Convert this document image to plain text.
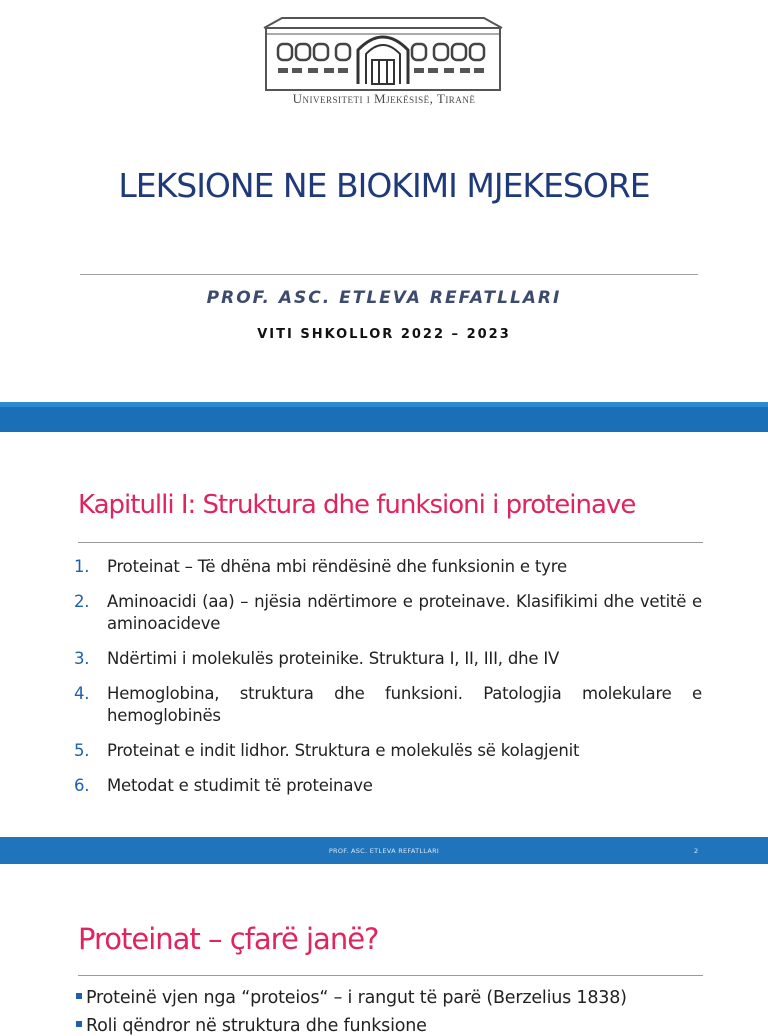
Universiteti i Mjekësisë, Tiranë
LEKSIONE NE BIOKIMI MJEKESORE
PROF. ASC. ETLEVA REFATLLARI
VITI SHKOLLOR 2022 – 2023
Kapitulli I: Struktura dhe funksioni i proteinave
1. Proteinat – Të dhëna mbi rëndësinë dhe funksionin e tyre
2. Aminoacidi (aa) – njësia ndërtimore e proteinave. Klasifikimi dhe vetitë e aminoacideve
3. Ndërtimi i molekulës proteinike. Struktura I, II, III, dhe IV
4. Hemoglobina, struktura dhe funksioni. Patologjia molekulare e hemoglobinës
5. Proteinat e indit lidhor. Struktura e molekulës së kolagjenit
6. Metodat e studimit të proteinave
PROF. ASC. ETLEVA REFATLLARI	2
Proteinat – çfarë janë?
Proteinë vjen nga “proteios“ – i rangut të parë (Berzelius 1838)
Roli qëndror në struktura dhe funksione
